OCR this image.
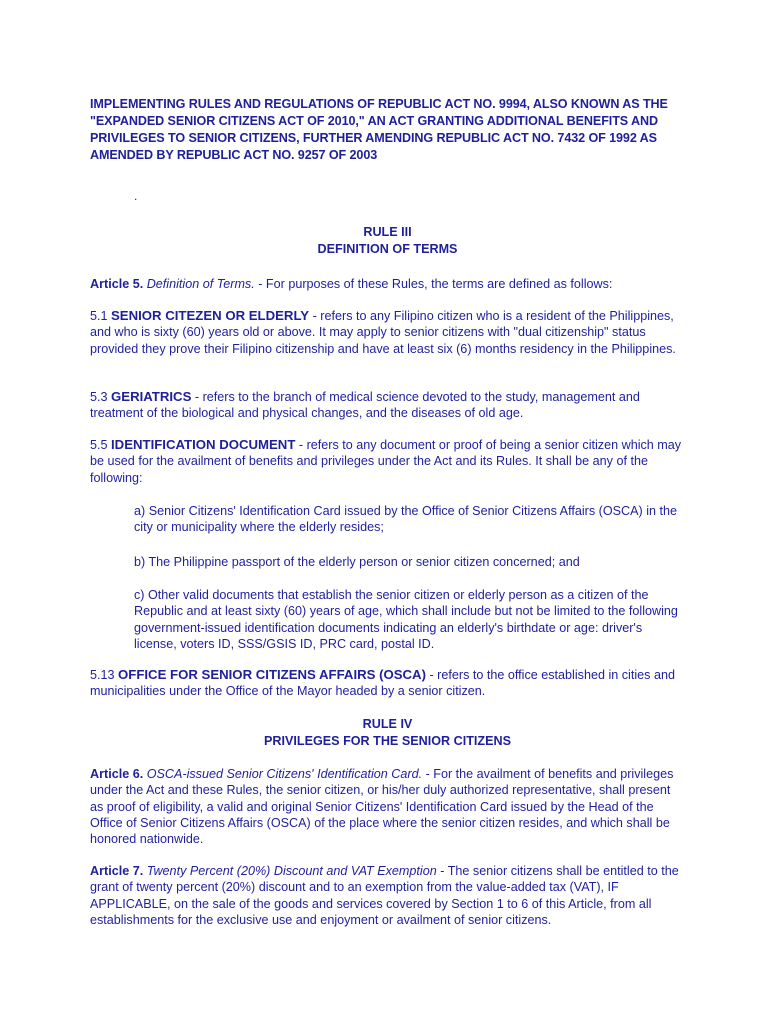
IMPLEMENTING RULES AND REGULATIONS OF REPUBLIC ACT NO. 9994, ALSO KNOWN AS THE "EXPANDED SENIOR CITIZENS ACT OF 2010," AN ACT GRANTING ADDITIONAL BENEFITS AND PRIVILEGES TO SENIOR CITIZENS, FURTHER AMENDING REPUBLIC ACT NO. 7432 OF 1992 AS AMENDED BY REPUBLIC ACT NO. 9257 OF 2003
.
RULE III
DEFINITION OF TERMS
Article 5. Definition of Terms. - For purposes of these Rules, the terms are defined as follows:
5.1 SENIOR CITEZEN OR ELDERLY - refers to any Filipino citizen who is a resident of the Philippines, and who is sixty (60) years old or above. It may apply to senior citizens with "dual citizenship" status provided they prove their Filipino citizenship and have at least six (6) months residency in the Philippines.
5.3 GERIATRICS - refers to the branch of medical science devoted to the study, management and treatment of the biological and physical changes, and the diseases of old age.
5.5 IDENTIFICATION DOCUMENT - refers to any document or proof of being a senior citizen which may be used for the availment of benefits and privileges under the Act and its Rules. It shall be any of the following:
a) Senior Citizens' Identification Card issued by the Office of Senior Citizens Affairs (OSCA) in the city or municipality where the elderly resides;
b) The Philippine passport of the elderly person or senior citizen concerned; and
c) Other valid documents that establish the senior citizen or elderly person as a citizen of the Republic and at least sixty (60) years of age, which shall include but not be limited to the following government-issued identification documents indicating an elderly's birthdate or age: driver's license, voters ID, SSS/GSIS ID, PRC card, postal ID.
5.13 OFFICE FOR SENIOR CITIZENS AFFAIRS (OSCA) - refers to the office established in cities and municipalities under the Office of the Mayor headed by a senior citizen.
RULE IV
PRIVILEGES FOR THE SENIOR CITIZENS
Article 6. OSCA-issued Senior Citizens' Identification Card. - For the availment of benefits and privileges under the Act and these Rules, the senior citizen, or his/her duly authorized representative, shall present as proof of eligibility, a valid and original Senior Citizens' Identification Card issued by the Head of the Office of Senior Citizens Affairs (OSCA) of the place where the senior citizen resides, and which shall be honored nationwide.
Article 7. Twenty Percent (20%) Discount and VAT Exemption - The senior citizens shall be entitled to the grant of twenty percent (20%) discount and to an exemption from the value-added tax (VAT), IF APPLICABLE, on the sale of the goods and services covered by Section 1 to 6 of this Article, from all establishments for the exclusive use and enjoyment or availment of senior citizens.
